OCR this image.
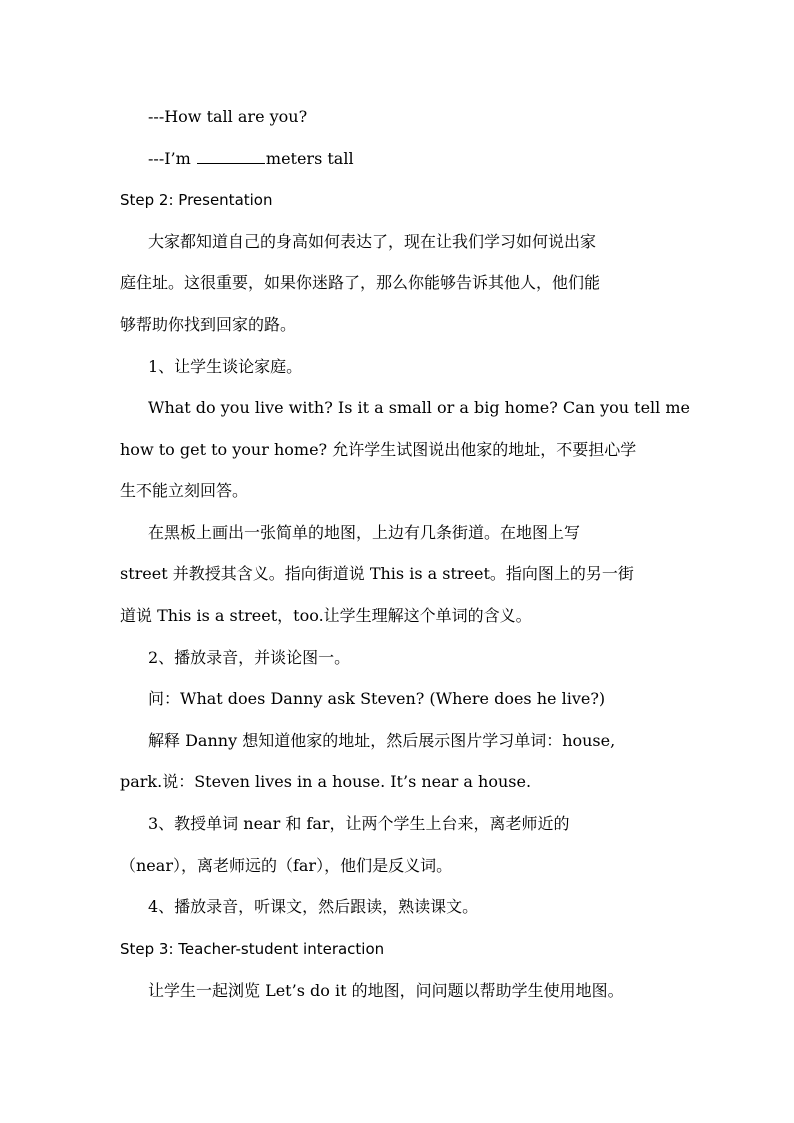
---How tall are you?
---I’m	meters tall
Step 2: Presentation
大家都知道自己的身高如何表达了，现在让我们学习如何说出家
庭住址。这很重要，如果你迷路了，那么你能够告诉其他人，他们能
够帮助你找到回家的路。
1、让学生谈论家庭。
What do you live with? Is it a small or a big home? Can you tell me
how to get to your home? 允许学生试图说出他家的地址，不要担心学
生不能立刻回答。
在黑板上画出一张简单的地图，上边有几条街道。在地图上写
street 并教授其含义。指向街道说 This is a street。指向图上的另一街
道说 This is a street，too.让学生理解这个单词的含义。
2、播放录音，并谈论图一。
问：What does Danny ask Steven? (Where does he live?)
解释 Danny 想知道他家的地址，然后展示图片学习单词：house,
park.说：Steven lives in a house. It’s near a house.
3、教授单词 near 和 far，让两个学生上台来，离老师近的
（near），离老师远的（far），他们是反义词。
4、播放录音，听课文，然后跟读，熟读课文。
Step 3: Teacher-student interaction
让学生一起浏览 Let’s do it 的地图，问问题以帮助学生使用地图。
